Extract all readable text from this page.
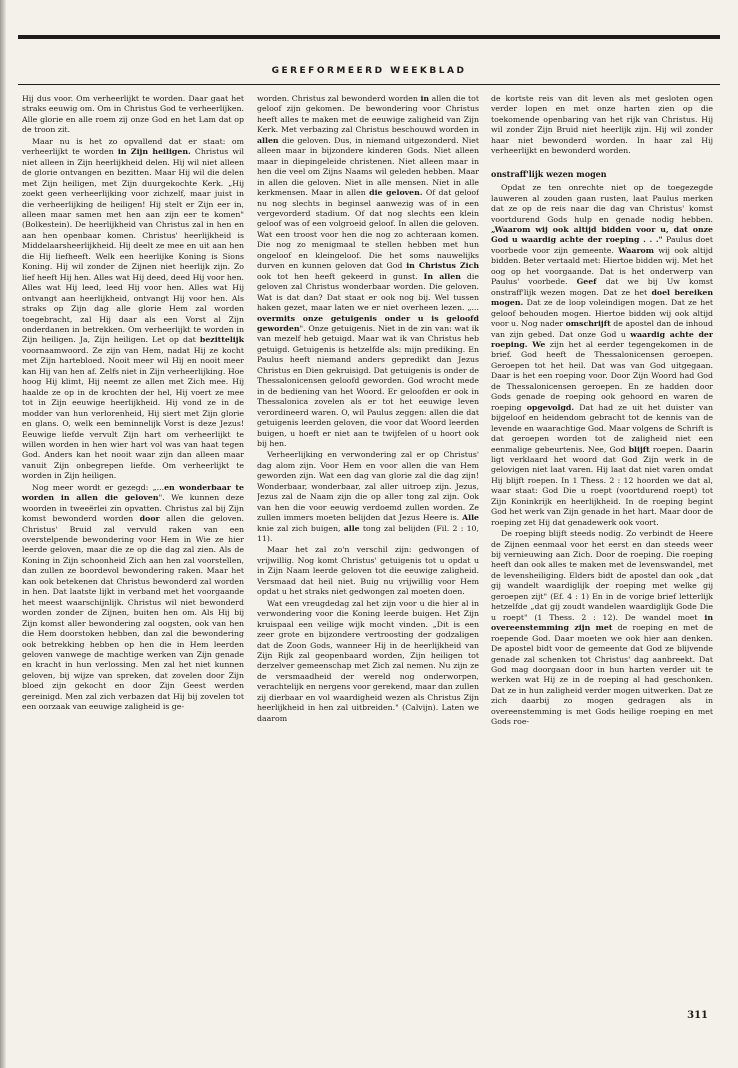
GEREFORMEERD WEEKBLAD

Hij dus voor. Om verheerlijkt te worden. Daar gaat het straks eeuwig om. Om in Christus God te verheerlijken. Alle glorie en alle roem zij onze God en het Lam dat op de troon zit.

Maar nu is het zo opvallend dat er staat: om verheerlijkt te worden in Zijn heiligen. Christus wil niet alleen in Zijn heerlijkheid delen. Hij wil niet alleen de glorie ontvangen en bezitten. Maar Hij wil die delen met Zijn heiligen, met Zijn duurgekochte Kerk. „Hij zoekt geen verheerlijking voor zichzelf, maar juist in die verheerlijking de heiligen! Hij stelt er Zijn eer in, alleen maar samen met hen aan zijn eer te komen" (Bolkestein). De heerlijkheid van Christus zal in hen en aan hen openbaar komen. Christus' heerlijkheid is Middelaarsheerlijkheid. Hij deelt ze mee en uit aan hen die Hij liefheeft. Welk een heerlijke Koning is Sions Koning. Hij wil zonder de Zijnen niet heerlijk zijn. Zo lief heeft Hij hen. Alles wat Hij deed, deed Hij voor hen. Alles wat Hij leed, leed Hij voor hen. Alles wat Hij ontvangt aan heerlijkheid, ontvangt Hij voor hen. Als straks op Zijn dag alle glorie Hem zal worden toegebracht, zal Hij daar als een Vorst al Zijn onderdanen in betrekken. Om verheerlijkt te worden in Zijn heiligen. Ja, Zijn heiligen. Let op dat bezittelijk voornaamwoord. Ze zijn van Hem, nadat Hij ze kocht met Zijn hartebloed. Nooit meer wil Hij en nooit meer kan Hij van hen af. Zelfs niet in Zijn verheerlijking. Hoe hoog Hij klimt, Hij neemt ze allen met Zich mee. Hij haalde ze op in de krochten der hel, Hij voert ze mee tot in Zijn eeuwige heerlijkheid. Hij vond ze in de modder van hun verlorenheid, Hij siert met Zijn glorie en glans. O, welk een beminnelijk Vorst is deze Jezus! Eeuwige liefde vervult Zijn hart om verheerlijkt te willen worden in hen wier hart vol was van haat tegen God. Anders kan het nooit waar zijn dan alleen maar vanuit Zijn onbegrepen liefde. Om verheerlijkt te worden in Zijn heiligen.

Nog meer wordt er gezegd: „...en wonderbaar te worden in allen die geloven". We kunnen deze woorden in tweeërlei zin opvatten. Christus zal bij Zijn komst bewonderd worden door allen die geloven. Christus' Bruid zal vervuld raken van een overstelpende bewondering voor Hem in Wie ze hier leerde geloven, maar die ze op die dag zal zien. Als de Koning in Zijn schoonheid Zich aan hen zal voorstellen, dan zullen ze boordevol bewondering raken. Maar het kan ook betekenen dat Christus bewonderd zal worden in hen. Dat laatste lijkt in verband met het voorgaande het meest waarschijnlijk. Christus wil niet bewonderd worden zonder de Zijnen, buiten hen om. Als Hij bij Zijn komst aller bewondering zal oogsten, ook van hen die Hem doorstoken hebben, dan zal die bewondering ook betrekking hebben op hen die in Hem leerden geloven vanwege de machtige werken van Zijn genade en kracht in hun verlossing. Men zal het niet kunnen geloven, bij wijze van spreken, dat zovelen door Zijn bloed zijn gekocht en door Zijn Geest werden gereinigd. Men zal zich verbazen dat Hij bij zovelen tot een oorzaak van eeuwige zaligheid is ge-

worden. Christus zal bewonderd worden in allen die tot geloof zijn gekomen. De bewondering voor Christus heeft alles te maken met de eeuwige zaligheid van Zijn Kerk. Met verbazing zal Christus beschouwd worden in allen die geloven. Dus, in niemand uitgezonderd. Niet alleen maar in bijzondere kinderen Gods. Niet alleen maar in diepingeleide christenen. Niet alleen maar in hen die veel om Zijns Naams wil geleden hebben. Maar in allen die geloven. Niet in alle mensen. Niet in alle kerkmensen. Maar in allen die geloven. Of dat geloof nu nog slechts in beginsel aanwezig was of in een vergevorderd stadium. Of dat nog slechts een klein geloof was of een volgroeid geloof. In allen die geloven. Wat een troost voor hen die nog zo achteraan komen. Die nog zo menigmaal te stellen hebben met hun ongeloof en kleingeloof. Die het soms nauwelijks durven en kunnen geloven dat God in Christus Zich ook tot hen heeft gekeerd in gunst. In allen die geloven zal Christus wonderbaar worden. Die geloven. Wat is dat dan? Dat staat er ook nog bij. Wel tussen haken gezet, maar laten we er niet overheen lezen. „... overmits onze getuigenis onder u is geloofd geworden". Onze getuigenis. Niet in de zin van: wat ik van mezelf heb getuigd. Maar wat ik van Christus heb getuigd. Getuigenis is hetzelfde als: mijn prediking. En Paulus heeft niemand anders gepredikt dan Jezus Christus en Dien gekruisigd. Dat getuigenis is onder de Thessalonicensen geloofd geworden. God wrocht mede in de bediening van het Woord. Er geloofden er ook in Thessalonica zovelen als er tot het eeuwige leven verordineerd waren. O, wil Paulus zeggen: allen die dat getuigenis leerden geloven, die voor dat Woord leerden buigen, u hoeft er niet aan te twijfelen of u hoort ook bij hen.

Verheerlijking en verwondering zal er op Christus' dag alom zijn. Voor Hem en voor allen die van Hem geworden zijn. Wat een dag van glorie zal die dag zijn! Wonderbaar, wonderbaar, zal aller uitroep zijn. Jezus, Jezus zal de Naam zijn die op aller tong zal zijn. Ook van hen die voor eeuwig verdoemd zullen worden. Ze zullen immers moeten belijden dat Jezus Heere is. Alle knie zal zich buigen, alle tong zal belijden (Fil. 2 : 10, 11).

Maar het zal zo'n verschil zijn: gedwongen of vrijwillig. Nog komt Christus' getuigenis tot u opdat u in Zijn Naam leerde geloven tot die eeuwige zaligheid. Versmaad dat heil niet. Buig nu vrijwillig voor Hem opdat u het straks niet gedwongen zal moeten doen.

Wat een vreugdedag zal het zijn voor u die hier al in verwondering voor die Koning leerde buigen. Het Zijn kruispaal een veilige wijk mocht vinden. „Dit is een zeer grote en bijzondere vertroosting der godzaligen dat de Zoon Gods, wanneer Hij in de heerlijkheid van Zijn Rijk zal geopenbaard worden, Zijn heiligen tot derzelver gemeenschap met Zich zal nemen. Nu zijn ze de versmaadheid der wereld nog onderworpen, verachtelijk en nergens voor gerekend, maar dan zullen zij dierbaar en vol waardigheid wezen als Christus Zijn heerlijkheid in hen zal uitbreiden." (Calvijn). Laten we daarom

de kortste reis van dit leven als met gesloten ogen verder lopen en met onze harten zien op die toekomende openbaring van het rijk van Christus. Hij wil zonder Zijn Bruid niet heerlijk zijn. Hij wil zonder haar niet bewonderd worden. In haar zal Hij verheerlijkt en bewonderd worden.

onstraff'lijk wezen mogen

Opdat ze ten onrechte niet op de toegezegde lauweren al zouden gaan rusten, laat Paulus merken dat ze op de reis naar die dag van Christus' komst voortdurend Gods hulp en genade nodig hebben. „Waarom wij ook altijd bidden voor u, dat onze God u waardig achte der roeping . . ." Paulus doet voorbede voor zijn gemeente. Waarom wij ook altijd bidden. Beter vertaald met: Hiertoe bidden wij. Met het oog op het voorgaande. Dat is het onderwerp van Paulus' voorbede. Geef dat we bij Uw komst onstraff'lijk wezen mogen. Dat ze het doel bereiken mogen. Dat ze de loop voleindigen mogen. Dat ze het geloof behouden mogen. Hiertoe bidden wij ook altijd voor u. Nog nader omschrijft de apostel dan de inhoud van zijn gebed. Dat onze God u waardig achte der roeping. We zijn het al eerder tegengekomen in de brief. God heeft de Thessalonicensen geroepen. Geroepen tot het heil. Dat was van God uitgegaan. Daar is het een roeping voor. Door Zijn Woord had God de Thessalonicensen geroepen. En ze hadden door Gods genade de roeping ook gehoord en waren de roeping opgevolgd. Dat had ze uit het duister van bijgeloof en heidendom gebracht tot de kennis van de levende en waarachtige God. Maar volgens de Schrift is dat geroepen worden tot de zaligheid niet een eenmalige gebeurtenis. Nee, God blijft roepen. Daarin ligt verklaard het woord dat God Zijn werk in de gelovigen niet laat varen. Hij laat dat niet varen omdat Hij blijft roepen. In 1 Thess. 2 : 12 hoorden we dat al, waar staat: God Die u roept (voortdurend roept) tot Zijn Koninkrijk en heerlijkheid. In de roeping begint God het werk van Zijn genade in het hart. Maar door de roeping zet Hij dat genadewerk ook voort.

De roeping blijft steeds nodig. Zo verbindt de Heere de Zijnen eenmaal voor het eerst en dan steeds weer bij vernieuwing aan Zich. Door de roeping. Die roeping heeft dan ook alles te maken met de levenswandel, met de levensheiliging. Elders bidt de apostel dan ook „dat gij wandelt waardiglijk der roeping met welke gij geroepen zijt" (Ef. 4 : 1) En in de vorige brief letterlijk hetzelfde „dat gij zoudt wandelen waardiglijk Gode Die u roept" (1 Thess. 2 : 12). De wandel moet in overeenstemming zijn met de roeping en met de roepende God. Daar moeten we ook hier aan denken. De apostel bidt voor de gemeente dat God ze blijvende genade zal schenken tot Christus' dag aanbreekt. Dat God mag doorgaan door in hun harten verder uit te werken wat Hij ze in de roeping al had geschonken. Dat ze in hun zaligheid verder mogen uitwerken. Dat ze zich daarbij zo mogen gedragen als in overeenstemming is met Gods heilige roeping en met Gods roe-

311
